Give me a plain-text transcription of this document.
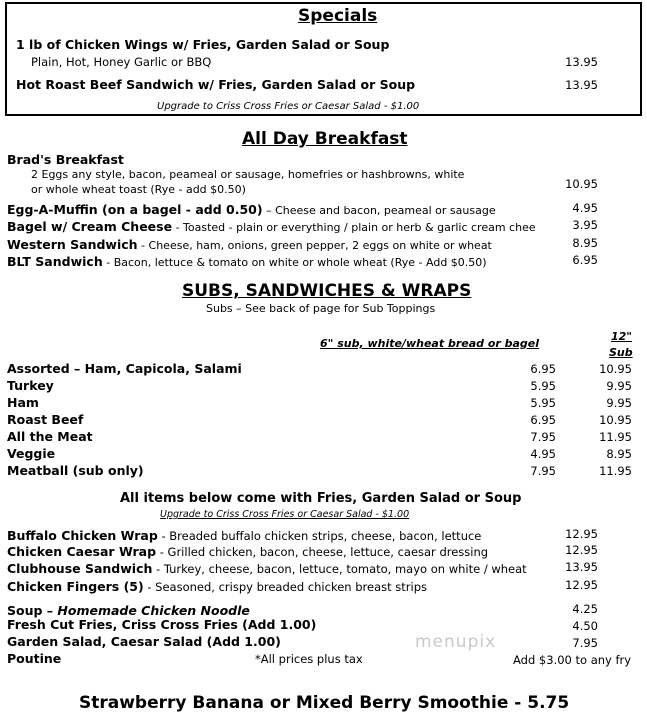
Specials
1 lb of Chicken Wings w/ Fries, Garden Salad or Soup
Plain, Hot, Honey Garlic or BBQ	13.95
Hot Roast Beef Sandwich w/ Fries, Garden Salad or Soup	13.95
Upgrade to Criss Cross Fries or Caesar Salad - $1.00
All Day Breakfast
Brad's Breakfast
2 Eggs any style, bacon, peameal or sausage, homefries or hashbrowns, white
or whole wheat toast (Rye - add $0.50)	10.95
Egg-A-Muffin (on a bagel - add 0.50) – Cheese and bacon, peameal or sausage	4.95
Bagel w/ Cream Cheese - Toasted - plain or everything / plain or herb & garlic cream chee	3.95
Western Sandwich - Cheese, ham, onions, green pepper, 2 eggs on white or wheat	8.95
BLT Sandwich - Bacon, lettuce & tomato on white or whole wheat (Rye - Add $0.50)	6.95
SUBS, SANDWICHES & WRAPS
Subs – See back of page for Sub Toppings
6" sub, white/wheat bread or bagel
12"
Sub
Assorted – Ham, Capicola, Salami	6.95	10.95
Turkey	5.95	9.95
Ham	5.95	9.95
Roast Beef	6.95	10.95
All the Meat	7.95	11.95
Veggie	4.95	8.95
Meatball (sub only)	7.95	11.95
All items below come with Fries, Garden Salad or Soup
Upgrade to Criss Cross Fries or Caesar Salad - $1.00
Buffalo Chicken Wrap - Breaded buffalo chicken strips, cheese, bacon, lettuce	12.95
Chicken Caesar Wrap - Grilled chicken, bacon, cheese, lettuce, caesar dressing	12.95
Clubhouse Sandwich - Turkey, cheese, bacon, lettuce, tomato, mayo on white / wheat	13.95
Chicken Fingers (5) - Seasoned, crispy breaded chicken breast strips	12.95
Soup – Homemade Chicken Noodle	4.25
Fresh Cut Fries, Criss Cross Fries (Add 1.00)	4.50
Garden Salad, Caesar Salad (Add 1.00)	7.95
Poutine	*All prices plus tax	Add $3.00 to any fry
menupix
Strawberry Banana or Mixed Berry Smoothie - 5.75
